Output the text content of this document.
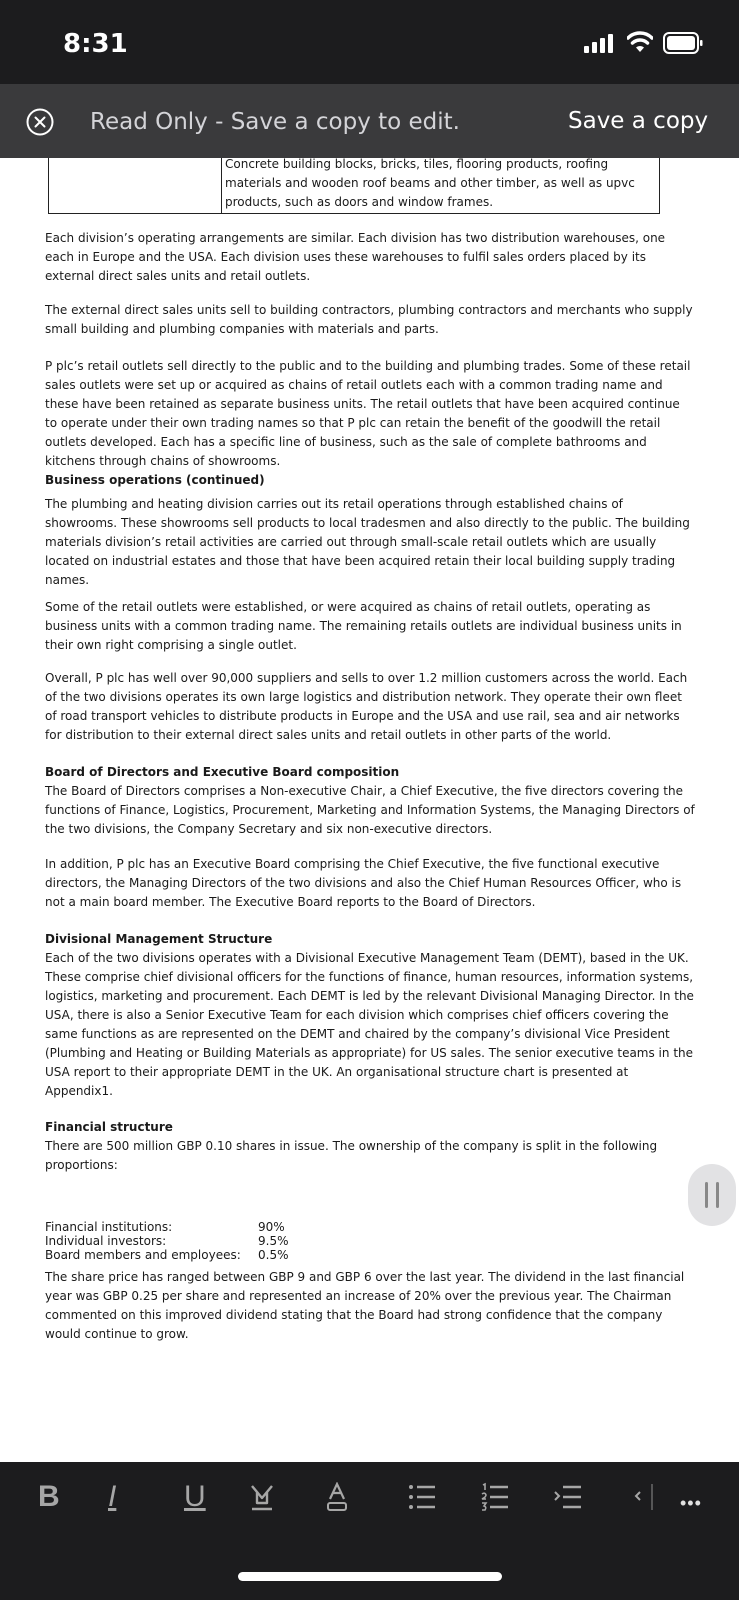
8:31
Read Only - Save a copy to edit.	Save a copy
Concrete building blocks, bricks, tiles, flooring products, roofing materials and wooden roof beams and other timber, as well as upvc products, such as doors and window frames.

Each division’s operating arrangements are similar. Each division has two distribution warehouses, one each in Europe and the USA. Each division uses these warehouses to fulfil sales orders placed by its external direct sales units and retail outlets.

The external direct sales units sell to building contractors, plumbing contractors and merchants who supply small building and plumbing companies with materials and parts.

P plc’s retail outlets sell directly to the public and to the building and plumbing trades. Some of these retail sales outlets were set up or acquired as chains of retail outlets each with a common trading name and these have been retained as separate business units. The retail outlets that have been acquired continue to operate under their own trading names so that P plc can retain the benefit of the goodwill the retail outlets developed. Each has a specific line of business, such as the sale of complete bathrooms and kitchens through chains of showrooms.

Business operations (continued)

The plumbing and heating division carries out its retail operations through established chains of showrooms. These showrooms sell products to local tradesmen and also directly to the public. The building materials division’s retail activities are carried out through small-scale retail outlets which are usually located on industrial estates and those that have been acquired retain their local building supply trading names.

Some of the retail outlets were established, or were acquired as chains of retail outlets, operating as business units with a common trading name. The remaining retails outlets are individual business units in their own right comprising a single outlet.

Overall, P plc has well over 90,000 suppliers and sells to over 1.2 million customers across the world. Each of the two divisions operates its own large logistics and distribution network. They operate their own fleet of road transport vehicles to distribute products in Europe and the USA and use rail, sea and air networks for distribution to their external direct sales units and retail outlets in other parts of the world.

Board of Directors and Executive Board composition

The Board of Directors comprises a Non-executive Chair, a Chief Executive, the five directors covering the functions of Finance, Logistics, Procurement, Marketing and Information Systems, the Managing Directors of the two divisions, the Company Secretary and six non-executive directors.

In addition, P plc has an Executive Board comprising the Chief Executive, the five functional executive directors, the Managing Directors of the two divisions and also the Chief Human Resources Officer, who is not a main board member. The Executive Board reports to the Board of Directors.

Divisional Management Structure

Each of the two divisions operates with a Divisional Executive Management Team (DEMT), based in the UK. These comprise chief divisional officers for the functions of finance, human resources, information systems, logistics, marketing and procurement. Each DEMT is led by the relevant Divisional Managing Director. In the USA, there is also a Senior Executive Team for each division which comprises chief officers covering the same functions as are represented on the DEMT and chaired by the company’s divisional Vice President (Plumbing and Heating or Building Materials as appropriate) for US sales. The senior executive teams in the USA report to their appropriate DEMT in the UK. An organisational structure chart is presented at Appendix1.

Financial structure

There are 500 million GBP 0.10 shares in issue. The ownership of the company is split in the following proportions:

Financial institutions:	90%
Individual investors:	9.5%
Board members and employees: 0.5%

The share price has ranged between GBP 9 and GBP 6 over the last year. The dividend in the last financial year was GBP 0.25 per share and represented an increase of 20% over the previous year. The Chairman commented on this improved dividend stating that the Board had strong confidence that the company would continue to grow.

B I U	•••
